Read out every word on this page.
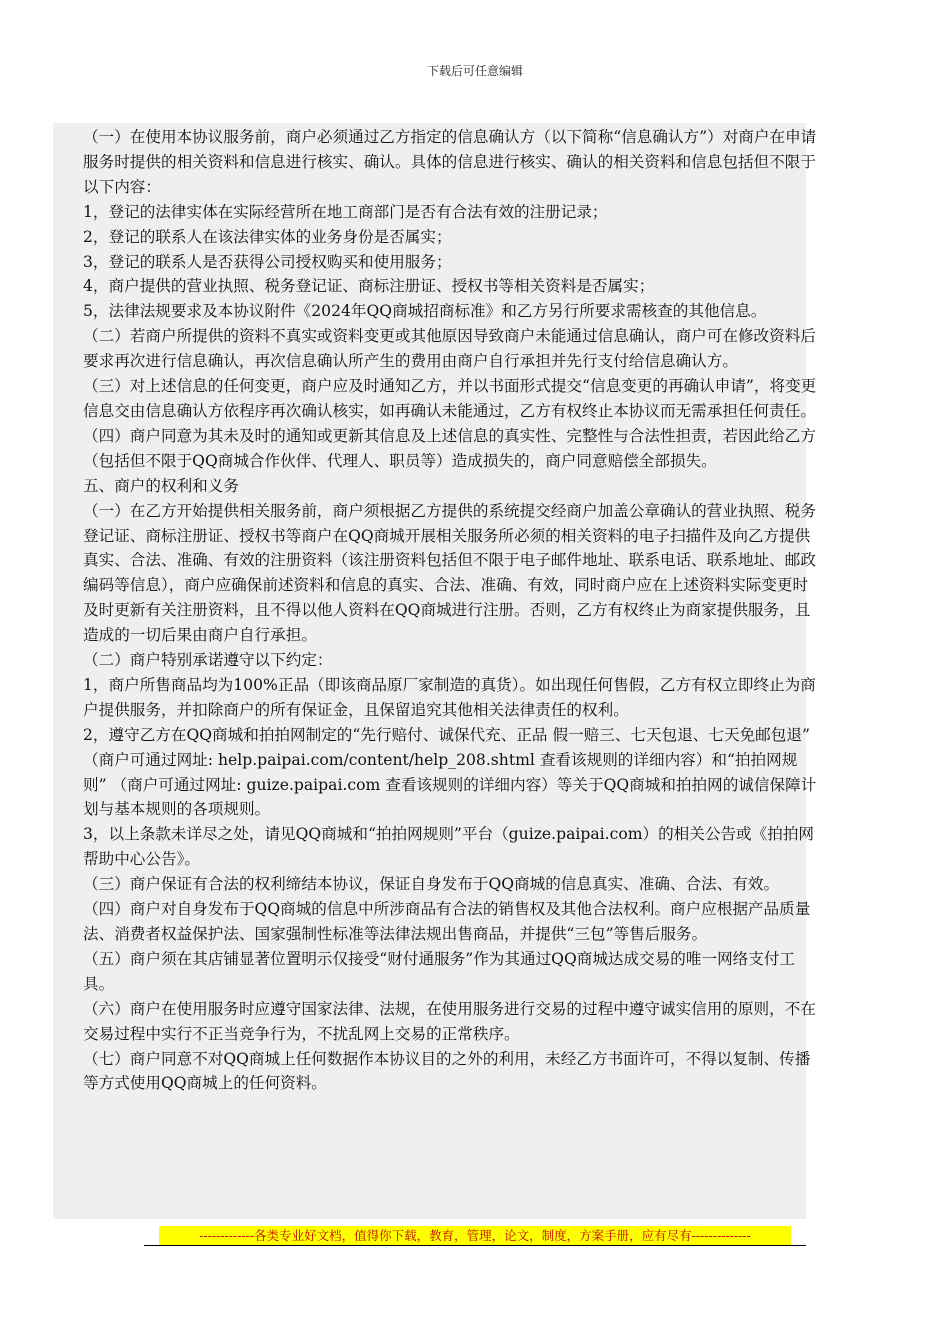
下载后可任意编辑

（一）在使用本协议服务前，商户必须通过乙方指定的信息确认方（以下简称“信息确认方”）对商户在申请服务时提供的相关资料和信息进行核实、确认。具体的信息进行核实、确认的相关资料和信息包括但不限于以下内容：

1，登记的法律实体在实际经营所在地工商部门是否有合法有效的注册记录；

2，登记的联系人在该法律实体的业务身份是否属实；

3，登记的联系人是否获得公司授权购买和使用服务；

4，商户提供的营业执照、税务登记证、商标注册证、授权书等相关资料是否属实；

5，法律法规要求及本协议附件《2024年QQ商城招商标准》和乙方另行所要求需核查的其他信息。

（二）若商户所提供的资料不真实或资料变更或其他原因导致商户未能通过信息确认，商户可在修改资料后要求再次进行信息确认，再次信息确认所产生的费用由商户自行承担并先行支付给信息确认方。

（三）对上述信息的任何变更，商户应及时通知乙方，并以书面形式提交“信息变更的再确认申请”，将变更信息交由信息确认方依程序再次确认核实，如再确认未能通过，乙方有权终止本协议而无需承担任何责任。

（四）商户同意为其未及时的通知或更新其信息及上述信息的真实性、完整性与合法性担责，若因此给乙方（包括但不限于QQ商城合作伙伴、代理人、职员等）造成损失的，商户同意赔偿全部损失。

五、商户的权利和义务

（一）在乙方开始提供相关服务前，商户须根据乙方提供的系统提交经商户加盖公章确认的营业执照、税务登记证、商标注册证、授权书等商户在QQ商城开展相关服务所必须的相关资料的电子扫描件及向乙方提供真实、合法、准确、有效的注册资料（该注册资料包括但不限于电子邮件地址、联系电话、联系地址、邮政编码等信息），商户应确保前述资料和信息的真实、合法、准确、有效，同时商户应在上述资料实际变更时及时更新有关注册资料，且不得以他人资料在QQ商城进行注册。否则，乙方有权终止为商家提供服务，且造成的一切后果由商户自行承担。

（二）商户特别承诺遵守以下约定：

1，商户所售商品均为100%正品（即该商品原厂家制造的真货）。如出现任何售假，乙方有权立即终止为商户提供服务，并扣除商户的所有保证金，且保留追究其他相关法律责任的权利。

2，遵守乙方在QQ商城和拍拍网制定的“先行赔付、诚保代充、正品 假一赔三、七天包退、七天免邮包退” （商户可通过网址: help.paipai.com/content/help_208.shtml 查看该规则的详细内容）和“拍拍网规则” （商户可通过网址: guize.paipai.com 查看该规则的详细内容）等关于QQ商城和拍拍网的诚信保障计划与基本规则的各项规则。

3，以上条款未详尽之处，请见QQ商城和“拍拍网规则”平台（guize.paipai.com）的相关公告或《拍拍网帮助中心公告》。

（三）商户保证有合法的权利缔结本协议，保证自身发布于QQ商城的信息真实、准确、合法、有效。

（四）商户对自身发布于QQ商城的信息中所涉商品有合法的销售权及其他合法权利。商户应根据产品质量法、消费者权益保护法、国家强制性标准等法律法规出售商品，并提供“三包”等售后服务。

（五）商户须在其店铺显著位置明示仅接受“财付通服务”作为其通过QQ商城达成交易的唯一网络支付工具。

（六）商户在使用服务时应遵守国家法律、法规，在使用服务进行交易的过程中遵守诚实信用的原则，不在交易过程中实行不正当竞争行为，不扰乱网上交易的正常秩序。

（七）商户同意不对QQ商城上任何数据作本协议目的之外的利用，未经乙方书面许可，不得以复制、传播等方式使用QQ商城上的任何资料。

-------------各类专业好文档，值得你下载，教育，管理，论文，制度，方案手册，应有尽有--------------
